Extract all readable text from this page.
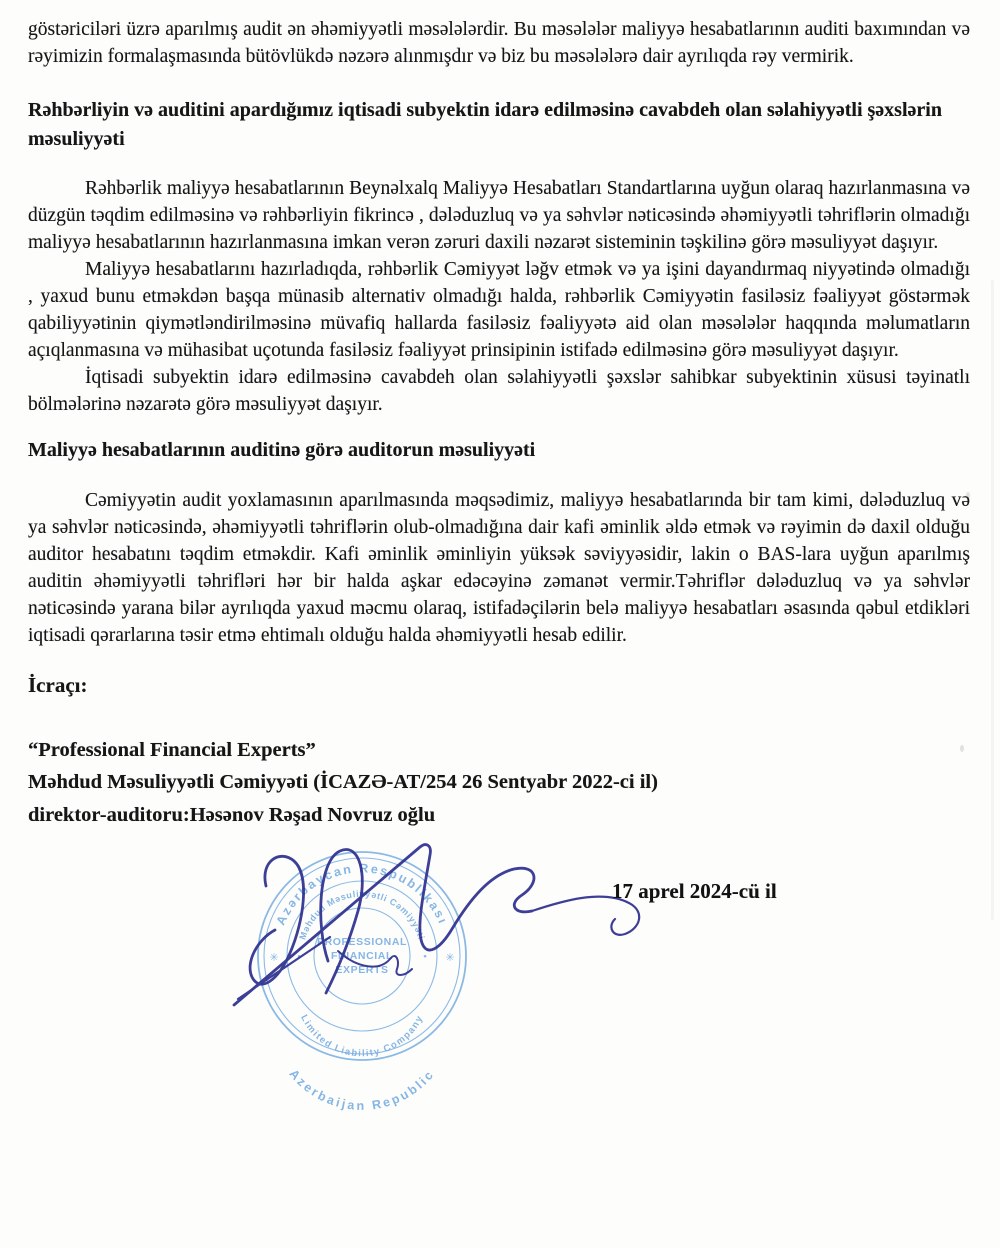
göstəriciləri üzrə aparılmış audit ən əhəmiyyətli məsələlərdir. Bu məsələlər maliyyə hesabatlarının auditi baxımından və rəyimizin formalaşmasında bütövlükdə nəzərə alınmışdır və biz bu məsələlərə dair ayrılıqda rəy vermirik.

Rəhbərliyin və auditini apardığımız iqtisadi subyektin idarə edilməsinə cavabdeh olan səlahiyyətli şəxslərin məsuliyyəti

Rəhbərlik maliyyə hesabatlarının Beynəlxalq Maliyyə Hesabatları Standartlarına uyğun olaraq hazırlanmasına və düzgün təqdim edilməsinə və rəhbərliyin fikrincə , dələduzluq və ya səhvlər nəticəsində əhəmiyyətli təhriflərin olmadığı maliyyə hesabatlarının hazırlanmasına imkan verən zəruri daxili nəzarət sisteminin təşkilinə görə məsuliyyət daşıyır.

Maliyyə hesabatlarını hazırladıqda, rəhbərlik Cəmiyyət ləğv etmək və ya işini dayandırmaq niyyətində olmadığı , yaxud bunu etməkdən başqa münasib alternativ olmadığı halda, rəhbərlik Cəmiyyətin fasiləsiz fəaliyyət göstərmək qabiliyyətinin qiymətləndirilməsinə müvafiq hallarda fasiləsiz fəaliyyətə aid olan məsələlər haqqında məlumatların açıqlanmasına və mühasibat uçotunda fasiləsiz fəaliyyət prinsipinin istifadə edilməsinə görə məsuliyyət daşıyır.

İqtisadi subyektin idarə edilməsinə cavabdeh olan səlahiyyətli şəxslər sahibkar subyektinin xüsusi təyinatlı bölmələrinə nəzarətə görə məsuliyyət daşıyır.

Maliyyə hesabatlarının auditinə görə auditorun məsuliyyəti

Cəmiyyətin audit yoxlamasının aparılmasında məqsədimiz, maliyyə hesabatlarında bir tam kimi, dələduzluq və ya səhvlər nəticəsində, əhəmiyyətli təhriflərin olub-olmadığına dair kafi əminlik əldə etmək və rəyimin də daxil olduğu auditor hesabatını təqdim etməkdir. Kafi əminlik əminliyin yüksək səviyyəsidir, lakin o BAS-lara uyğun aparılmış auditin əhəmiyyətli təhrifləri hər bir halda aşkar edəcəyinə zəmanət vermir.Təhriflər dələduzluq və ya səhvlər nəticəsində yarana bilər ayrılıqda yaxud məcmu olaraq, istifadəçilərin belə maliyyə hesabatları əsasında qəbul etdikləri iqtisadi qərarlarına təsir etmə ehtimalı olduğu halda əhəmiyyətli hesab edilir.

İcraçı:
“Professional Financial Experts”
Məhdud Məsuliyyətli Cəmiyyəti (İCAZƏ-AT/254 26 Sentyabr 2022-ci il)
direktor-auditoru:Həsənov Rəşad Novruz oğlu
Azərbaycan Respublikası
Azerbaijan Republic
Məhdud Məsuliyyətli Cəmiyyəti
Limited Liability Company
PROFESSIONAL
FINANCIAL
EXPERTS
✳	✳
•	•
17 aprel 2024-cü il
